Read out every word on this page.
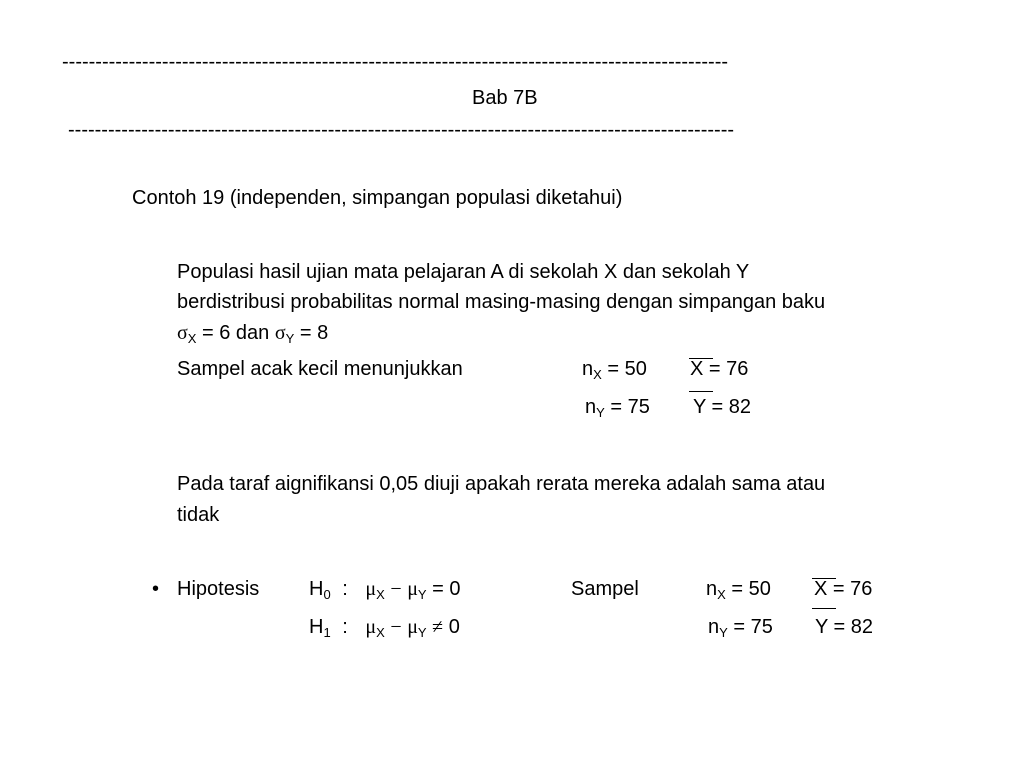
----------------------------------------------------------------------------------------------------
Bab 7B
----------------------------------------------------------------------------------------------------
Contoh 19 (independen, simpangan populasi diketahui)
Populasi hasil ujian mata pelajaran A di sekolah X dan sekolah Y
berdistribusi probabilitas normal masing-masing dengan simpangan baku
$\sigma_X = 6$ dan $\sigma_Y = 8$
Sampel acak kecil menunjukkan	$n_X = 50$ X = 76
$n_Y = 75$ Y = 82
Pada taraf aignifikansi 0,05 diuji apakah rerata mereka adalah sama atau
tidak
• Hipotesis $H_0$ : $\mu_X - \mu_Y = 0$
$H_1$ : $\mu_X - \mu_Y \ne 0$
Sampel	$n_X = 50$ X = 76
$n_Y = 75$ Y = 82
